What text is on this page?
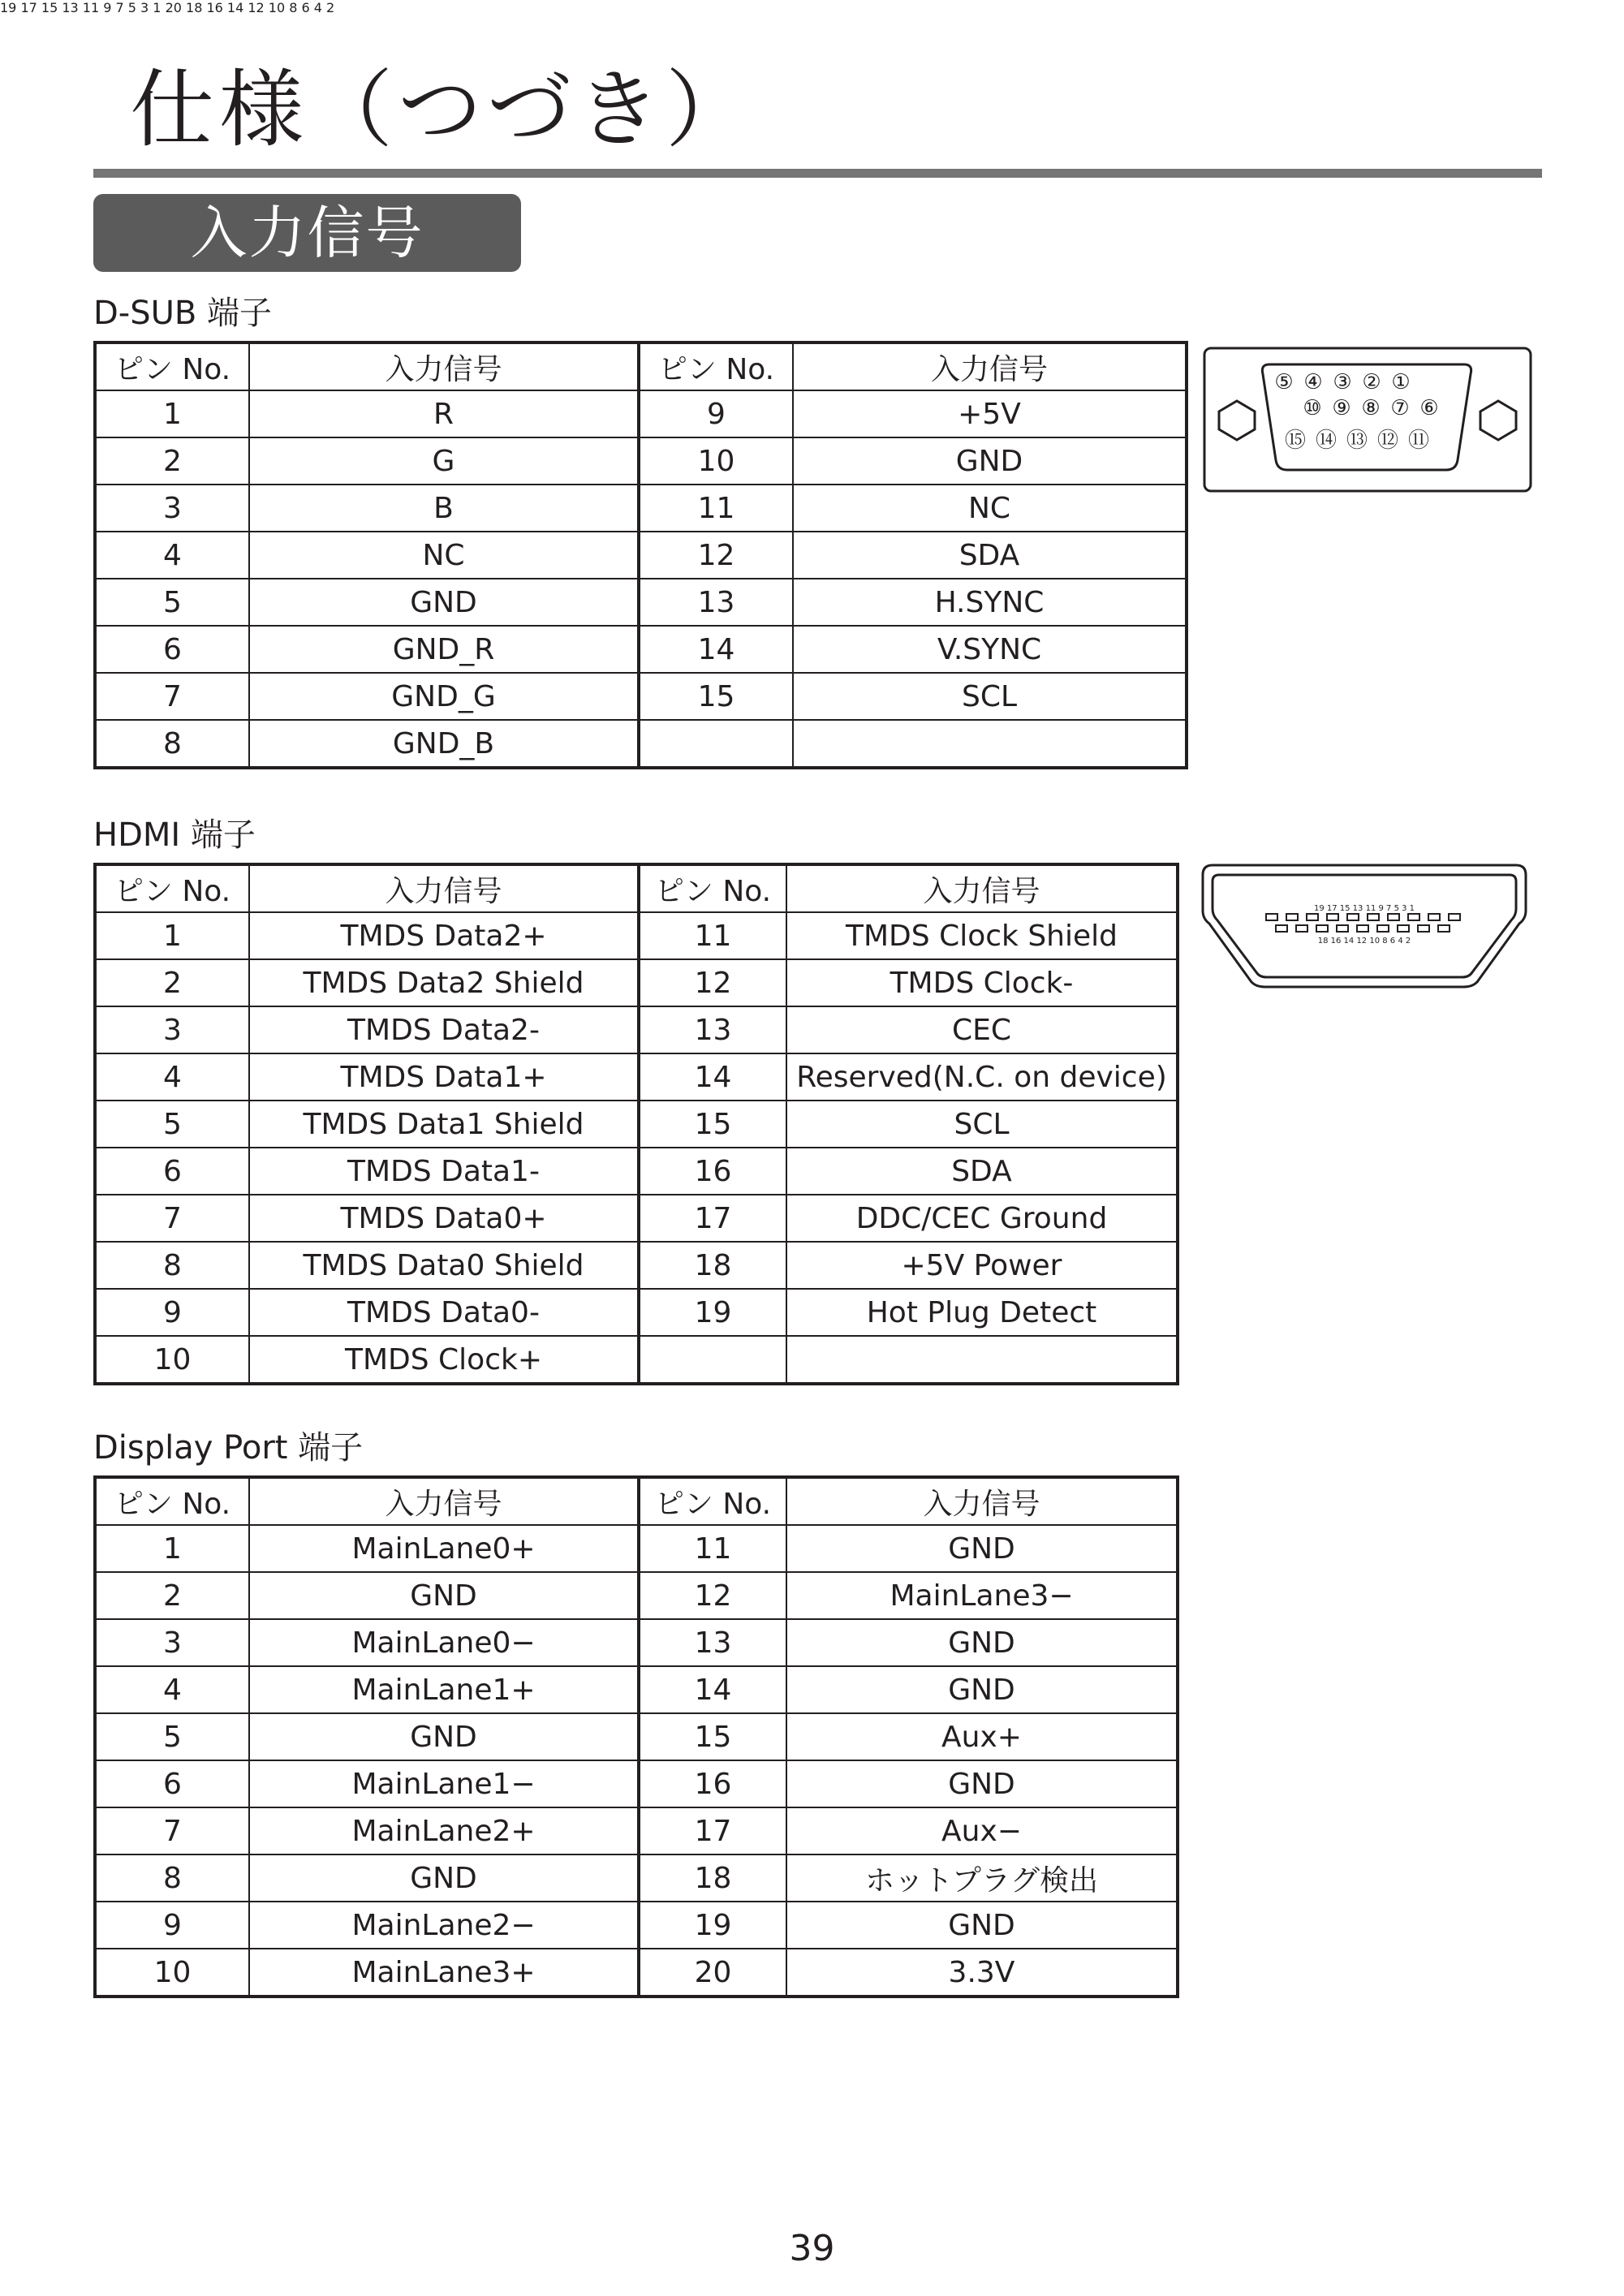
仕様（つづき）
入力信号
D-SUB 端子
ピン No.	入力信号	ピン No.	入力信号
1	R	9	+5V
2	G	10	GND
3	B	11	NC
4	NC	12	SDA
5	GND	13	H.SYNC
6	GND_R	14	V.SYNC
7	GND_G	15	SCL
8	GND_B		
⑤ ④ ③ ② ①
⑩ ⑨ ⑧ ⑦ ⑥
⑮ ⑭ ⑬ ⑫ ⑪
HDMI 端子
ピン No.	入力信号	ピン No.	入力信号
1	TMDS Data2+	11	TMDS Clock Shield
2	TMDS Data2 Shield	12	TMDS Clock-
3	TMDS Data2-	13	CEC
4	TMDS Data1+	14	Reserved(N.C. on device)
5	TMDS Data1 Shield	15	SCL
6	TMDS Data1-	16	SDA
7	TMDS Data0+	17	DDC/CEC Ground
8	TMDS Data0 Shield	18	+5V Power
9	TMDS Data0-	19	Hot Plug Detect
10	TMDS Clock+		
19 17 15 13 11 9 7 5 3 1
18 16 14 12 10 8 6 4 2
Display Port 端子
ピン No.	入力信号	ピン No.	入力信号
1	MainLane0+	11	GND
2	GND	12	MainLane3−
3	MainLane0−	13	GND
4	MainLane1+	14	GND
5	GND	15	Aux+
6	MainLane1−	16	GND
7	MainLane2+	17	Aux−
8	GND	18	ホットプラグ検出
9	MainLane2−	19	GND
10	MainLane3+	20	3.3V
19 17 15 13 11 9 7 5 3 1 20 18 16 14 12 10 8 6 4 2
39
